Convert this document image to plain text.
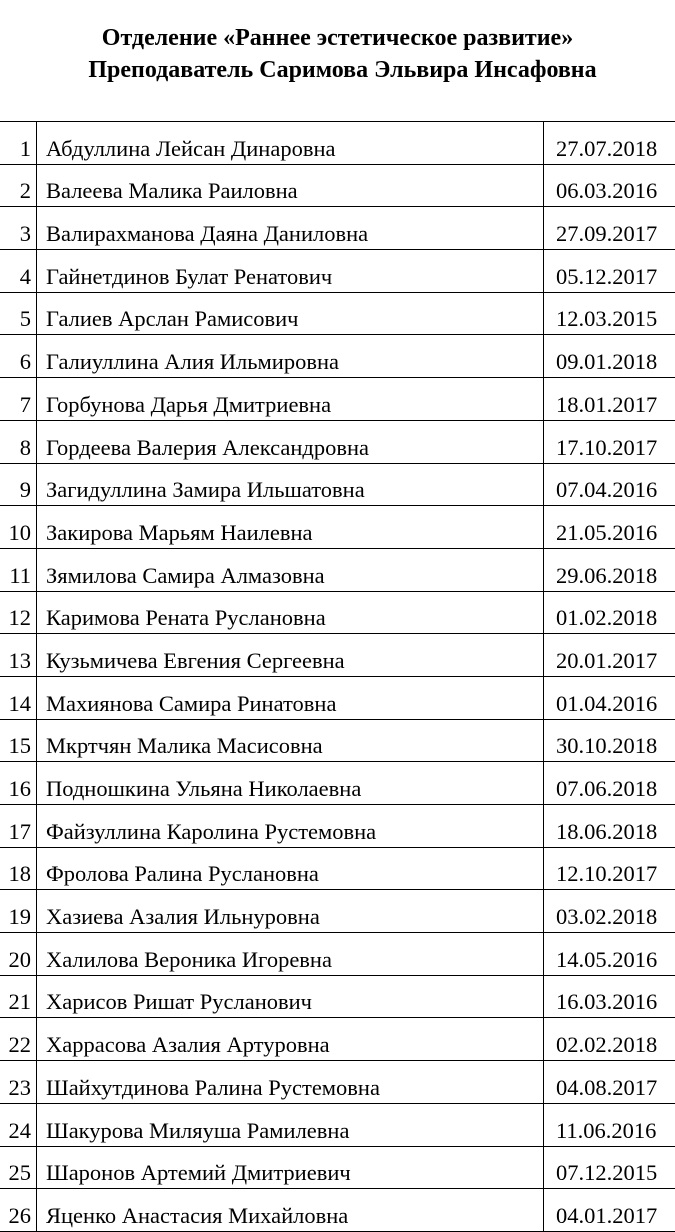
Отделение «Раннее эстетическое развитие»
Преподаватель Саримова Эльвира Инсафовна
1	Абдуллина Лейсан Динаровна	27.07.2018
2	Валеева Малика Раиловна	06.03.2016
3	Валирахманова Даяна Даниловна	27.09.2017
4	Гайнетдинов Булат Ренатович	05.12.2017
5	Галиев Арслан Рамисович	12.03.2015
6	Галиуллина Алия Ильмировна	09.01.2018
7	Горбунова Дарья Дмитриевна	18.01.2017
8	Гордеева Валерия Александровна	17.10.2017
9	Загидуллина Замира Ильшатовна	07.04.2016
10	Закирова Марьям Наилевна	21.05.2016
11	Зямилова Самира Алмазовна	29.06.2018
12	Каримова Рената Руслановна	01.02.2018
13	Кузьмичева Евгения Сергеевна	20.01.2017
14	Махиянова Самира Ринатовна	01.04.2016
15	Мкртчян Малика Масисовна	30.10.2018
16	Подношкина Ульяна Николаевна	07.06.2018
17	Файзуллина Каролина Рустемовна	18.06.2018
18	Фролова Ралина Руслановна	12.10.2017
19	Хазиева Азалия Ильнуровна	03.02.2018
20	Халилова Вероника Игоревна	14.05.2016
21	Харисов Ришат Русланович	16.03.2016
22	Харрасова Азалия Артуровна	02.02.2018
23	Шайхутдинова Ралина Рустемовна	04.08.2017
24	Шакурова Миляуша Рамилевна	11.06.2016
25	Шаронов Артемий Дмитриевич	07.12.2015
26	Яценко Анастасия Михайловна	04.01.2017
